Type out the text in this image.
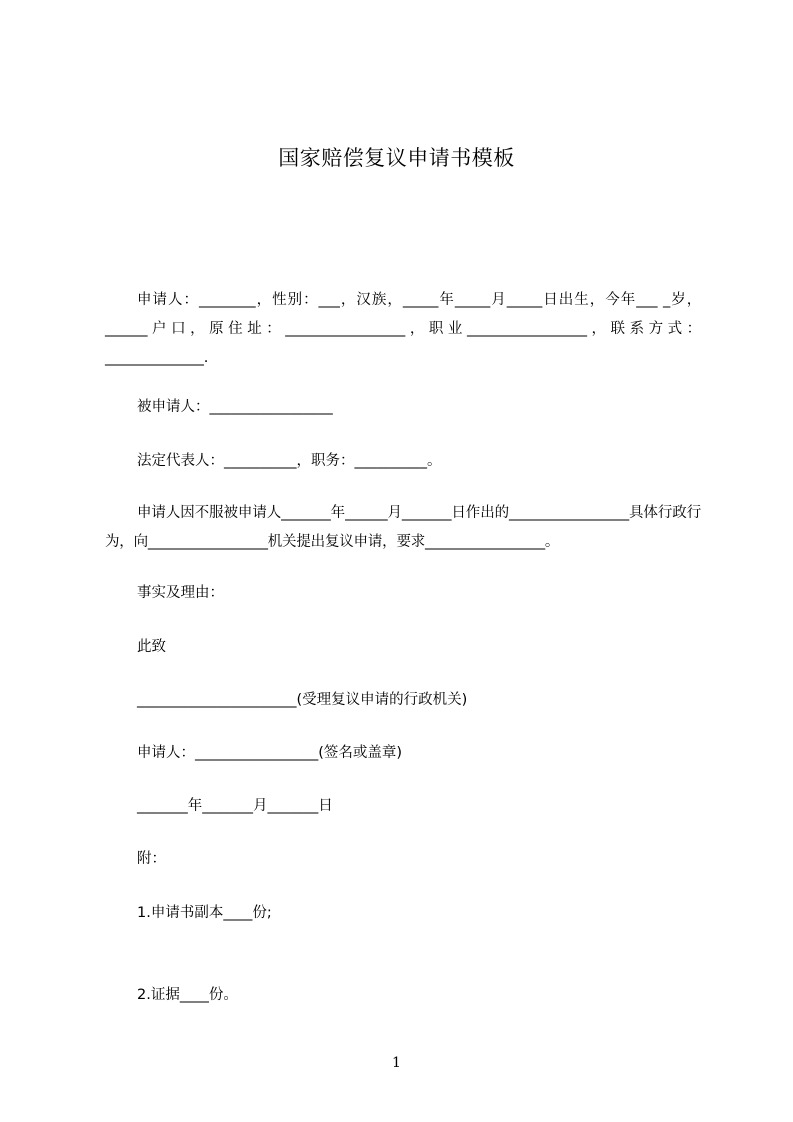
国家赔偿复议申请书模板

申请人：________，性别：___，汉族，_____年_____月_____日出生，今年___ _岁，______户口，原住址：_________________，职业_________________，联系方式：______________.

被申请人：_________________

法定代表人：__________，职务：__________。

申请人因不服被申请人_______年______月_______日作出的_________________具体行政行为，向_________________机关提出复议申请，要求_________________。

事实及理由：

此致

______________________(受理复议申请的行政机关)

申请人：_________________(签名或盖章)

_______年_______月_______日

附：

1.申请书副本____份;

2.证据____份。

1
